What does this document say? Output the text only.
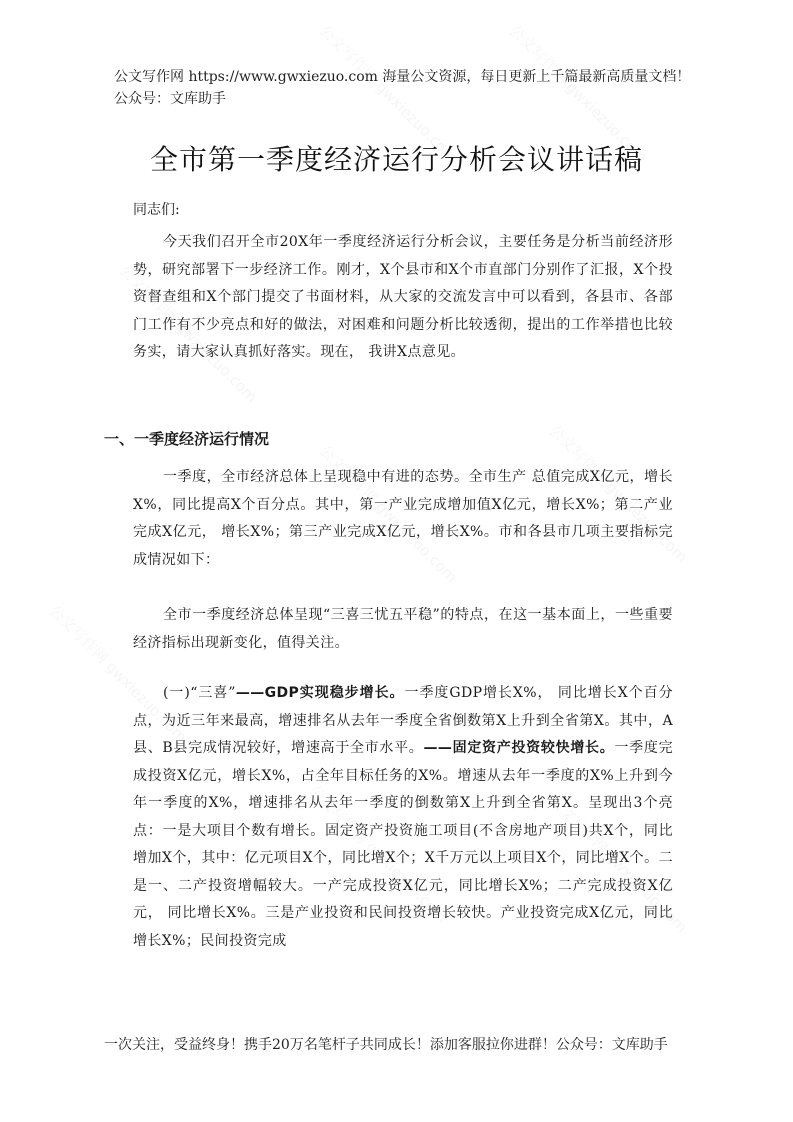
公文写作网 https://www.gwxiezuo.com 海量公文资源，每日更新上千篇最新高质量文档！ 公众号：文库助手
全市第一季度经济运行分析会议讲话稿
同志们:
今天我们召开全市20X年一季度经济运行分析会议，主要任务是分析当前经济形势，研究部署下一步经济工作。刚才，X个县市和X个市直部门分别作了汇报，X个投资督查组和X个部门提交了书面材料，从大家的交流发言中可以看到，各县市、各部门工作有不少亮点和好的做法，对困难和问题分析比较透彻，提出的工作举措也比较务实，请大家认真抓好落实。现在， 我讲X点意见。
一、一季度经济运行情况
一季度，全市经济总体上呈现稳中有进的态势。全市生产 总值完成X亿元，增长X%，同比提高X个百分点。其中，第一产业完成增加值X亿元，增长X%；第二产业完成X亿元， 增长X%；第三产业完成X亿元，增长X%。市和各县市几项主要指标完成情况如下：
全市一季度经济总体呈现“三喜三忧五平稳”的特点，在这一基本面上，一些重要经济指标出现新变化，值得关注。
(一)“三喜”——GDP实现稳步增长。一季度GDP增长X%， 同比增长X个百分点，为近三年来最高，增速排名从去年一季度全省倒数第X上升到全省第X。其中，A县、B县完成情况较好，增速高于全市水平。——固定资产投资较快增长。一季度完成投资X亿元，增长X%，占全年目标任务的X%。增速从去年一季度的X%上升到今年一季度的X%，增速排名从去年一季度的倒数第X上升到全省第X。呈现出3个亮点：一是大项目个数有增长。固定资产投资施工项目(不含房地产项目)共X个，同比增加X个，其中：亿元项目X个，同比增X个；X千万元以上项目X个，同比增X个。二是一、二产投资增幅较大。一产完成投资X亿元，同比增长X%；二产完成投资X亿元， 同比增长X%。三是产业投资和民间投资增长较快。产业投资完成X亿元，同比增长X%；民间投资完成
一次关注，受益终身！携手20万名笔杆子共同成长！添加客服拉你进群！公众号：文库助手
